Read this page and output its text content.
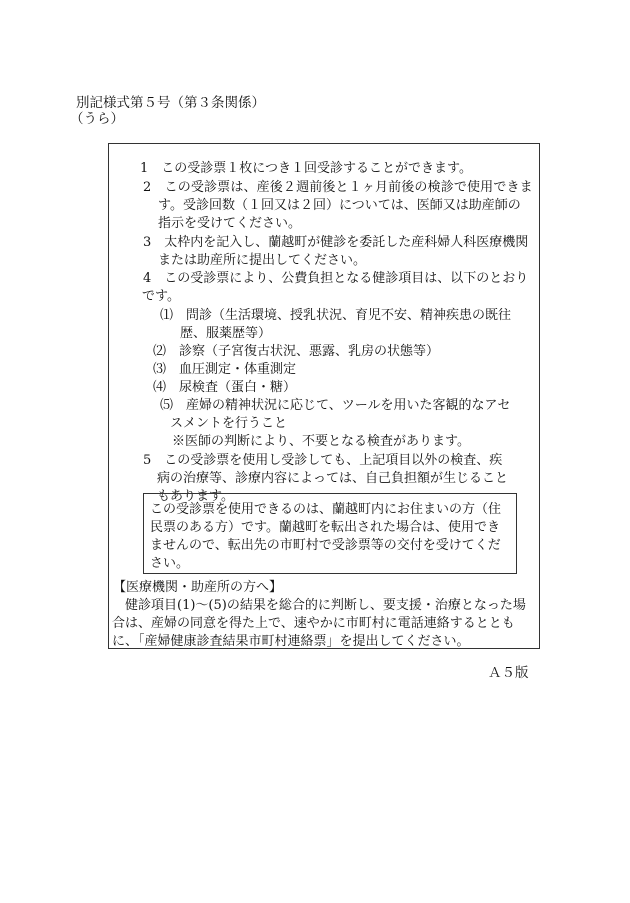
別記様式第５号（第３条関係）
（うら）
1　この受診票１枚につき１回受診することができます。
2　この受診票は、産後２週前後と１ヶ月前後の検診で使用できま
す。受診回数（１回又は２回）については、医師又は助産師の
指示を受けてください。
3　太枠内を記入し、蘭越町が健診を委託した産科婦人科医療機関
または助産所に提出してください。
4　この受診票により、公費負担となる健診項目は、以下のとおり
です。
⑴　問診（生活環境、授乳状況、育児不安、精神疾患の既往
歴、服薬歴等）
⑵　診察（子宮復古状況、悪露、乳房の状態等）
⑶　血圧測定・体重測定
⑷　尿検査（蛋白・糖）
⑸　産婦の精神状況に応じて、ツールを用いた客観的なアセ
スメントを行うこと
※医師の判断により、不要となる検査があります。
5　この受診票を使用し受診しても、上記項目以外の検査、疾
病の治療等、診療内容によっては、自己負担額が生じること
もあります。
この受診票を使用できるのは、蘭越町内にお住まいの方（住
民票のある方）です。蘭越町を転出された場合は、使用でき
ませんので、転出先の市町村で受診票等の交付を受けてくだ
さい。
【医療機関・助産所の方へ】
健診項目(1)～(5)の結果を総合的に判断し、要支援・治療となった場
合は、産婦の同意を得た上で、速やかに市町村に電話連絡するととも
に、「産婦健康診査結果市町村連絡票」を提出してください。
Ａ５版
